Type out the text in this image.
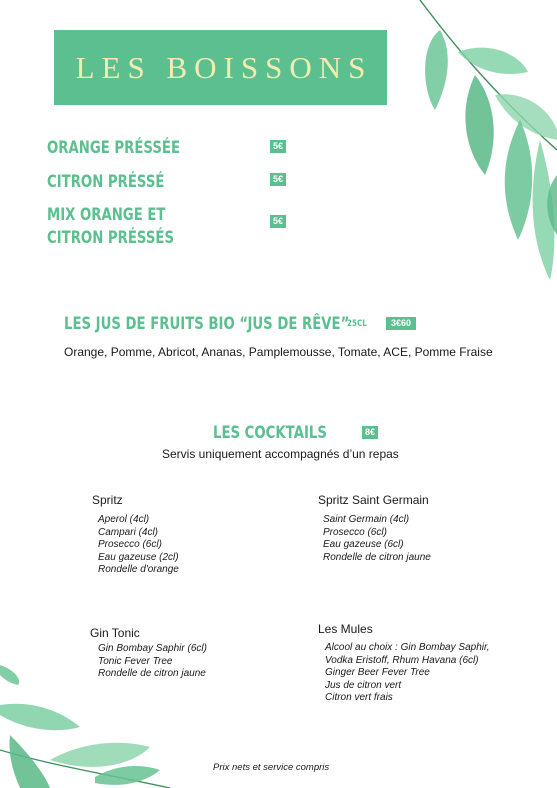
LES BOISSONS
ORANGE PRÉSSÉE	5€
CITRON PRÉSSÉ	5€
MIX ORANGE ET
CITRON PRÉSSÉS
5€
LES JUS DE FRUITS BIO “JUS DE RÊVE”
25CL	3€60
Orange, Pomme, Abricot, Ananas, Pamplemousse, Tomate, ACE, Pomme Fraise
LES COCKTAILS	8€
Servis uniquement accompagnés d’un repas
Spritz
Aperol (4cl)
Campari (4cl)
Prosecco (6cl)
Eau gazeuse (2cl)
Rondelle d'orange
Spritz Saint Germain
Saint Germain (4cl)
Prosecco (6cl)
Eau gazeuse (6cl)
Rondelle de citron jaune
Gin Tonic
Gin Bombay Saphir (6cl)
Tonic Fever Tree
Rondelle de citron jaune
Les Mules
Alcool au choix : Gin Bombay Saphir,
Vodka Eristoff, Rhum Havana (6cl)
Ginger Beer Fever Tree
Jus de citron vert
Citron vert frais
Prix nets et service compris
